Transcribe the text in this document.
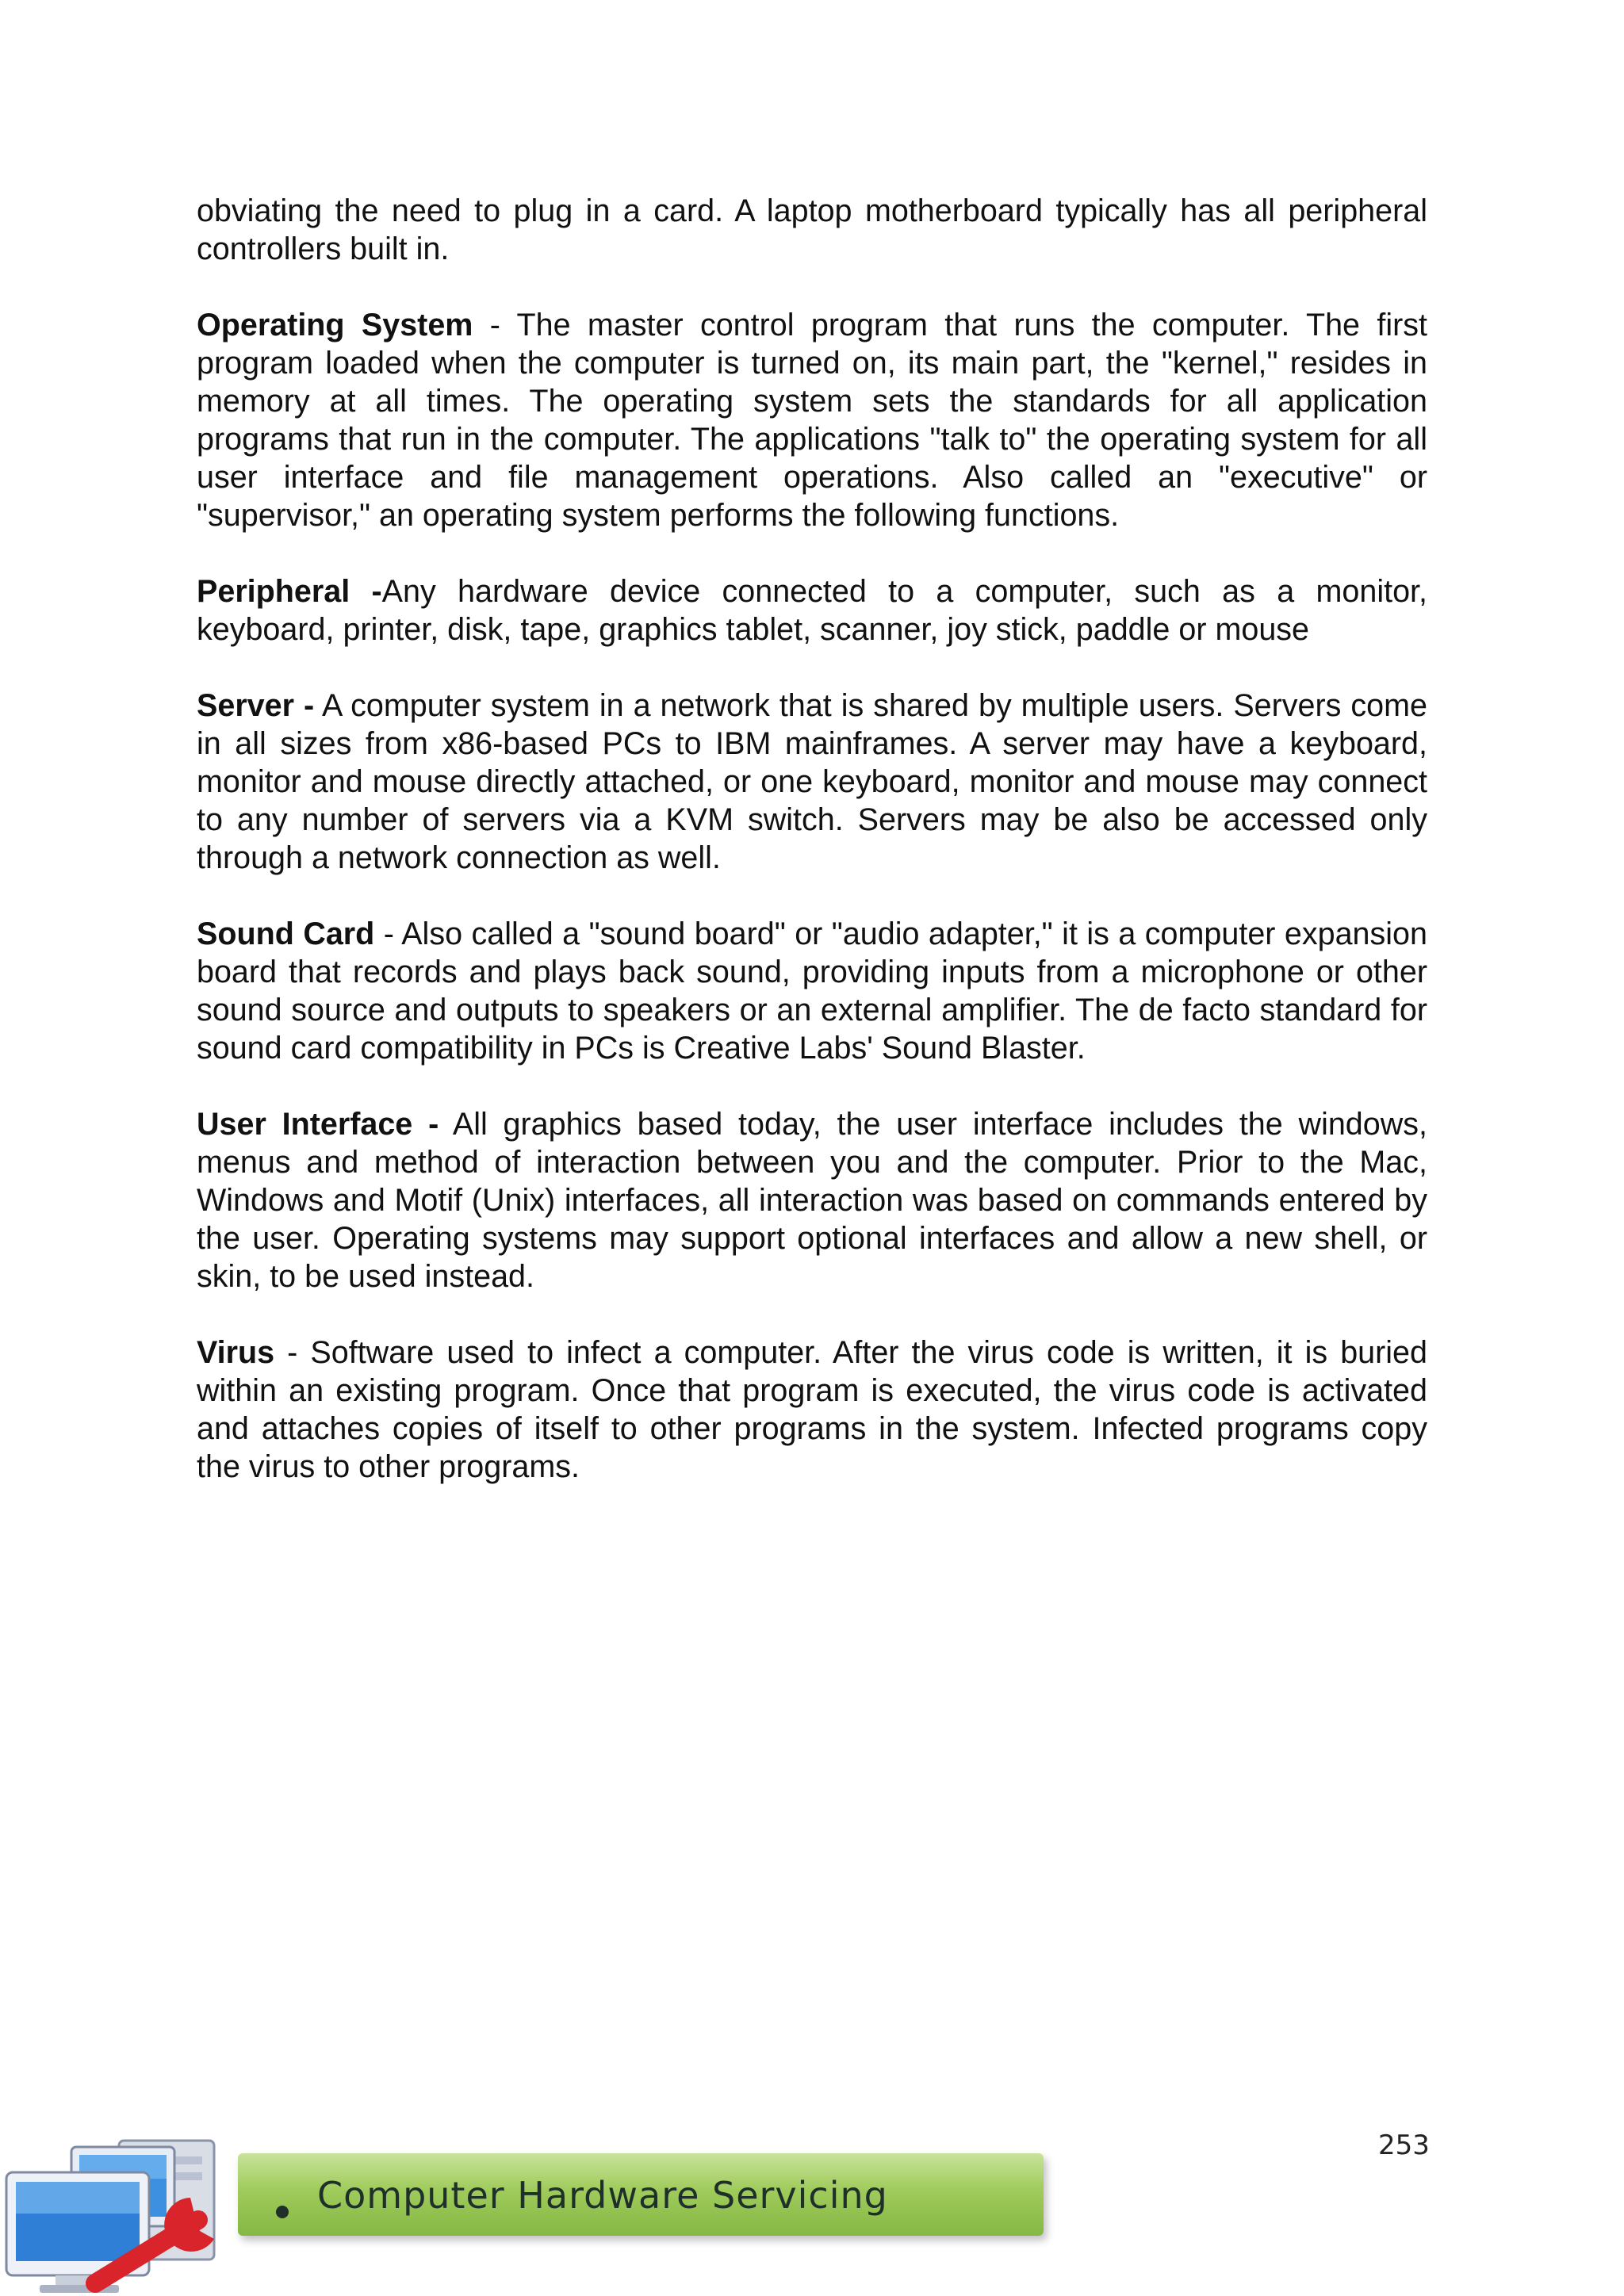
obviating the need to plug in a card. A laptop motherboard typically has all peripheral controllers built in.

Operating System - The master control program that runs the computer. The first program loaded when the computer is turned on, its main part, the "kernel," resides in memory at all times. The operating system sets the standards for all application programs that run in the computer. The applications "talk to" the operating system for all user interface and file management operations. Also called an "executive" or "supervisor," an operating system performs the following functions.

Peripheral -Any hardware device connected to a computer, such as a monitor, keyboard, printer, disk, tape, graphics tablet, scanner, joy stick, paddle or mouse

Server - A computer system in a network that is shared by multiple users. Servers come in all sizes from x86-based PCs to IBM mainframes. A server may have a keyboard, monitor and mouse directly attached, or one keyboard, monitor and mouse may connect to any number of servers via a KVM switch. Servers may be also be accessed only through a network connection as well.

Sound Card - Also called a "sound board" or "audio adapter," it is a computer expansion board that records and plays back sound, providing inputs from a microphone or other sound source and outputs to speakers or an external amplifier. The de facto standard for sound card compatibility in PCs is Creative Labs' Sound Blaster.

User Interface - All graphics based today, the user interface includes the windows, menus and method of interaction between you and the computer. Prior to the Mac, Windows and Motif (Unix) interfaces, all interaction was based on commands entered by the user. Operating systems may support optional interfaces and allow a new shell, or skin, to be used instead.

Virus - Software used to infect a computer. After the virus code is written, it is buried within an existing program. Once that program is executed, the virus code is activated and attaches copies of itself to other programs in the system. Infected programs copy the virus to other programs.

253
Computer Hardware Servicing
